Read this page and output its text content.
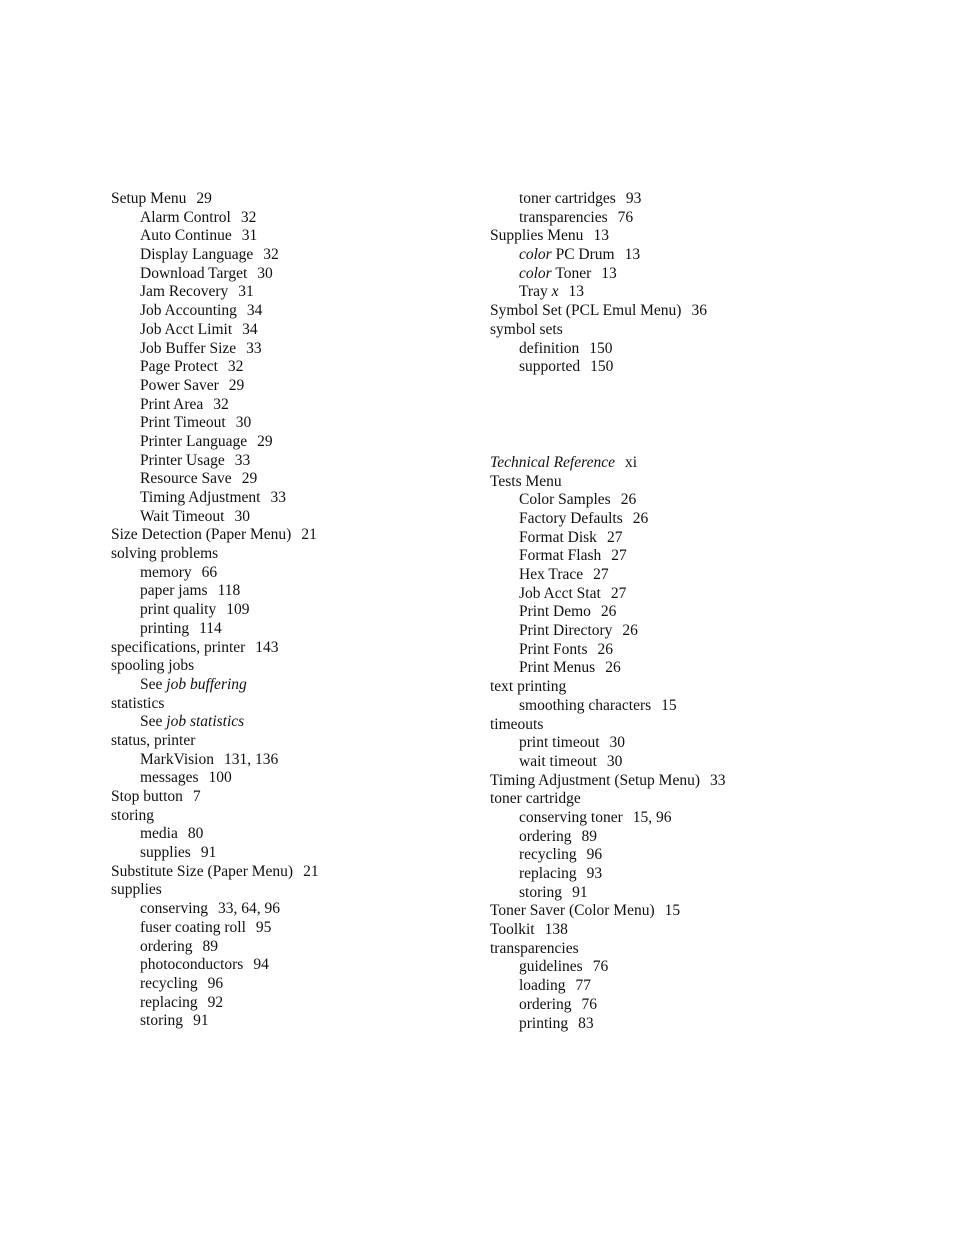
Setup Menu 29
Alarm Control 32
Auto Continue 31
Display Language 32
Download Target 30
Jam Recovery 31
Job Accounting 34
Job Acct Limit 34
Job Buffer Size 33
Page Protect 32
Power Saver 29
Print Area 32
Print Timeout 30
Printer Language 29
Printer Usage 33
Resource Save 29
Timing Adjustment 33
Wait Timeout 30
Size Detection (Paper Menu) 21
solving problems
memory 66
paper jams 118
print quality 109
printing 114
specifications, printer 143
spooling jobs
See job buffering
statistics
See job statistics
status, printer
MarkVision 131, 136
messages 100
Stop button 7
storing
media 80
supplies 91
Substitute Size (Paper Menu) 21
supplies
conserving 33, 64, 96
fuser coating roll 95
ordering 89
photoconductors 94
recycling 96
replacing 92
storing 91
toner cartridges 93
transparencies 76
Supplies Menu 13
color PC Drum 13
color Toner 13
Tray x 13
Symbol Set (PCL Emul Menu) 36
symbol sets
definition 150
supported 150
Technical Reference xi
Tests Menu
Color Samples 26
Factory Defaults 26
Format Disk 27
Format Flash 27
Hex Trace 27
Job Acct Stat 27
Print Demo 26
Print Directory 26
Print Fonts 26
Print Menus 26
text printing
smoothing characters 15
timeouts
print timeout 30
wait timeout 30
Timing Adjustment (Setup Menu) 33
toner cartridge
conserving toner 15, 96
ordering 89
recycling 96
replacing 93
storing 91
Toner Saver (Color Menu) 15
Toolkit 138
transparencies
guidelines 76
loading 77
ordering 76
printing 83
